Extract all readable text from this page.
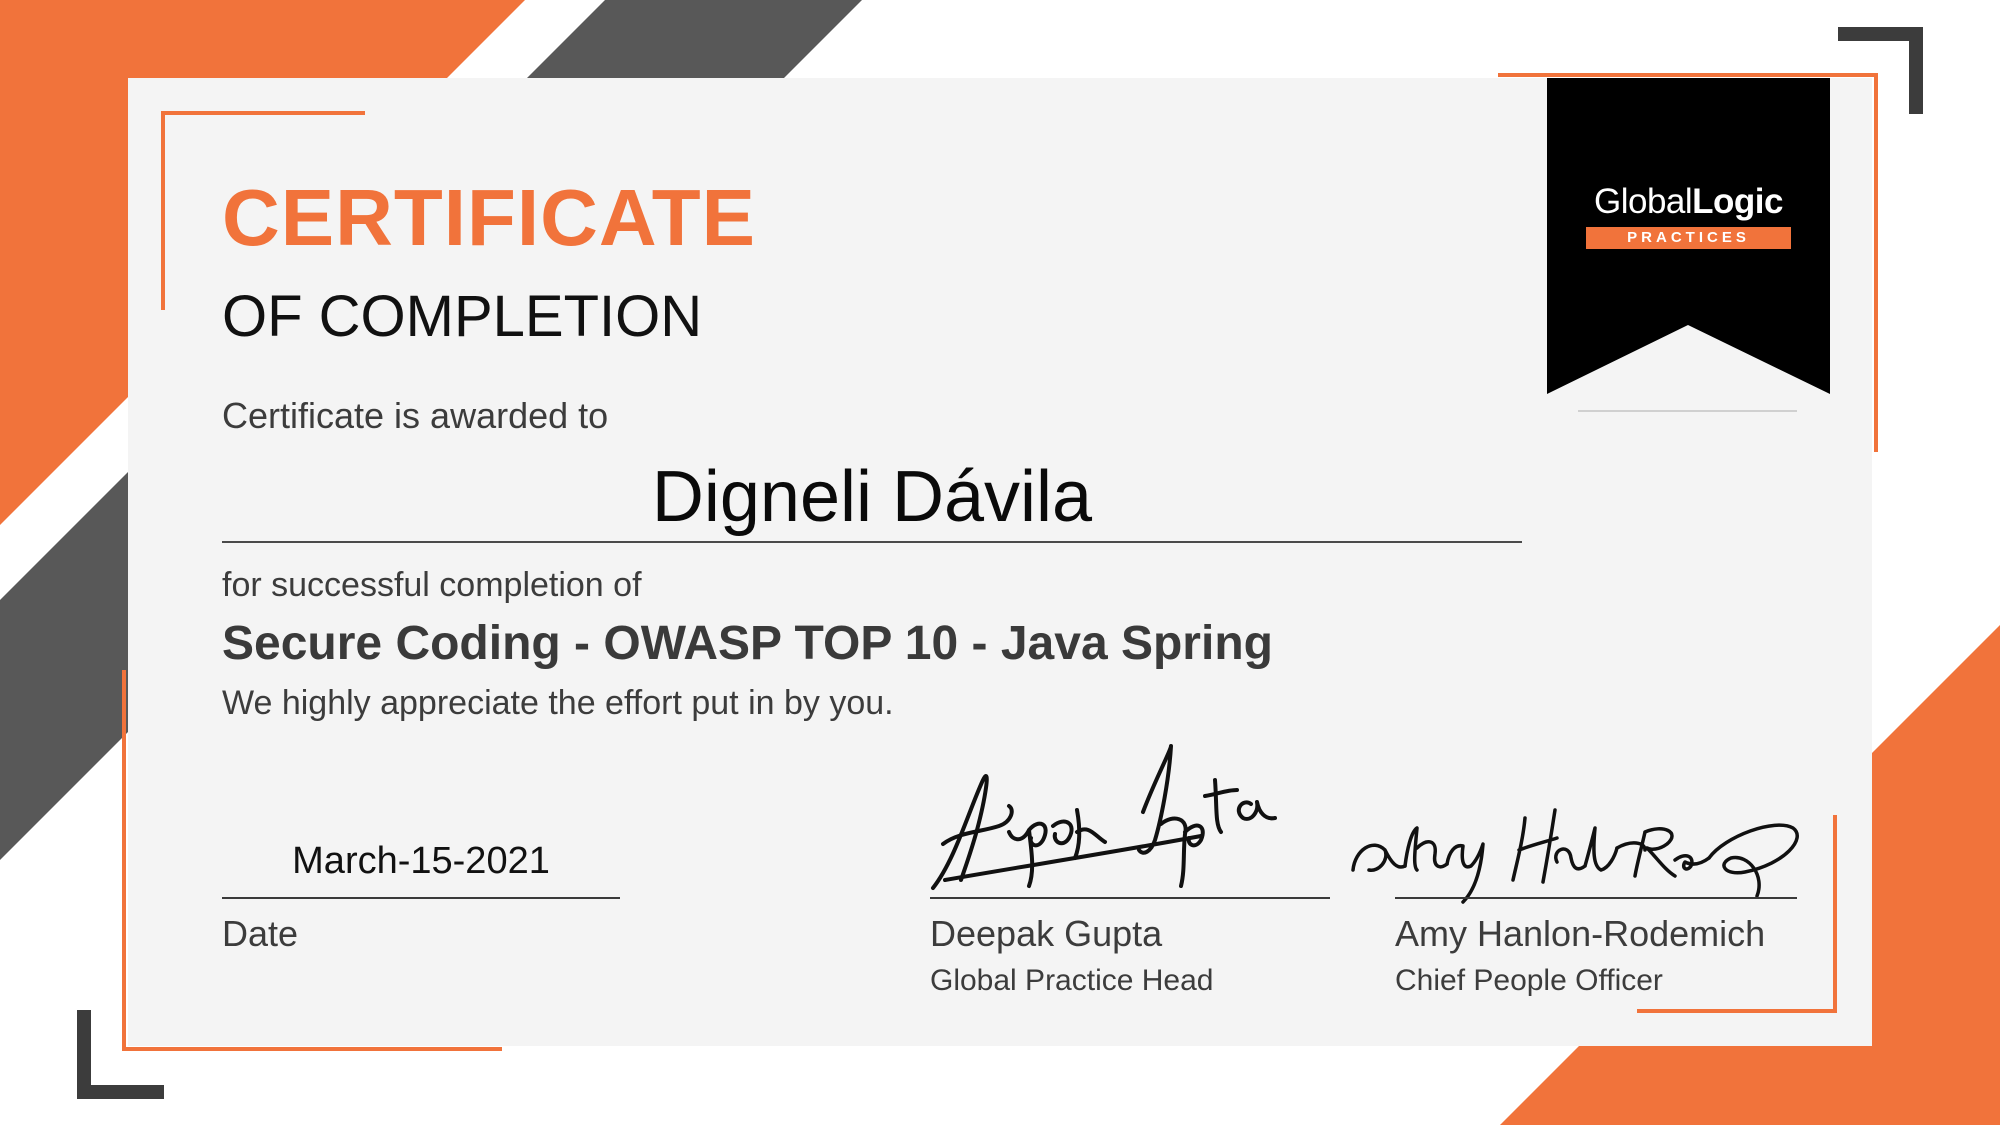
GlobalLogic
PRACTICES
CERTIFICATE
OF COMPLETION
Certificate is awarded to
Digneli Dávila
for successful completion of
Secure Coding - OWASP TOP 10 - Java Spring
We highly appreciate the effort put in by you.
March-15-2021
Date	Deepak Gupta
Global Practice Head
Amy Hanlon-Rodemich
Chief People Officer
